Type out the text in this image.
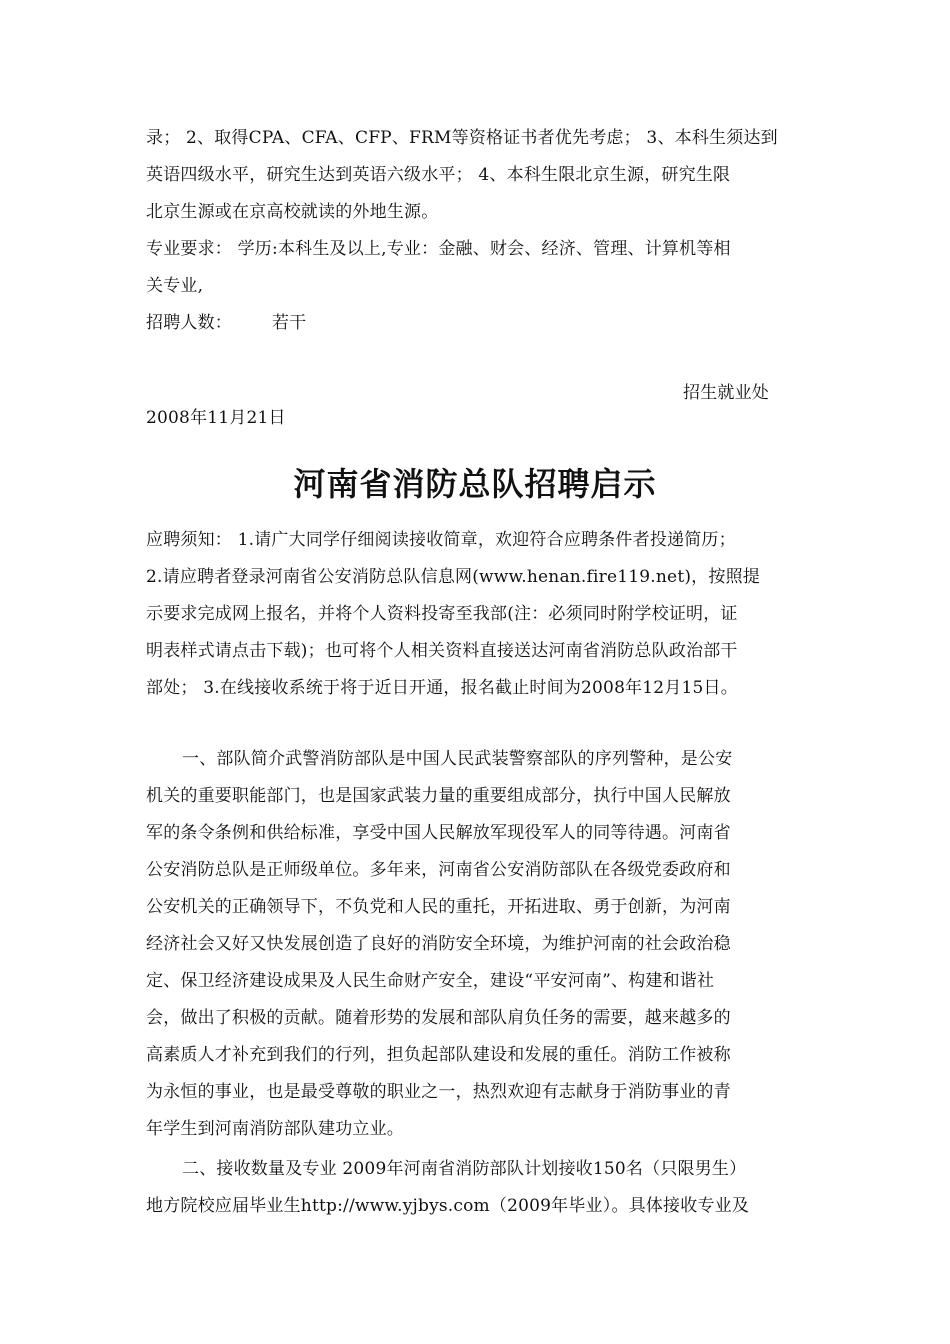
录； 2、取得CPA、CFA、CFP、FRM等资格证书者优先考虑； 3、本科生须达到
英语四级水平，研究生达到英语六级水平； 4、本科生限北京生源，研究生限
北京生源或在京高校就读的外地生源。
专业要求： 学历:本科生及以上,专业：金融、财会、经济、管理、计算机等相
关专业,
招聘人数： 若干
招生就业处
2008年11月21日
河南省消防总队招聘启示
应聘须知： 1.请广大同学仔细阅读接收简章，欢迎符合应聘条件者投递简历；
2.请应聘者登录河南省公安消防总队信息网(www.henan.fire119.net)，按照提
示要求完成网上报名，并将个人资料投寄至我部(注：必须同时附学校证明，证
明表样式请点击下载)；也可将个人相关资料直接送达河南省消防总队政治部干
部处； 3.在线接收系统于将于近日开通，报名截止时间为2008年12月15日。
一、部队简介武警消防部队是中国人民武装警察部队的序列警种，是公安
机关的重要职能部门，也是国家武装力量的重要组成部分，执行中国人民解放
军的条令条例和供给标准，享受中国人民解放军现役军人的同等待遇。河南省
公安消防总队是正师级单位。多年来，河南省公安消防部队在各级党委政府和
公安机关的正确领导下，不负党和人民的重托，开拓进取、勇于创新，为河南
经济社会又好又快发展创造了良好的消防安全环境，为维护河南的社会政治稳
定、保卫经济建设成果及人民生命财产安全，建设“平安河南”、构建和谐社
会，做出了积极的贡献。随着形势的发展和部队肩负任务的需要，越来越多的
高素质人才补充到我们的行列，担负起部队建设和发展的重任。消防工作被称
为永恒的事业，也是最受尊敬的职业之一，热烈欢迎有志献身于消防事业的青
年学生到河南消防部队建功立业。
二、接收数量及专业 2009年河南省消防部队计划接收150名（只限男生）
地方院校应届毕业生http://www.yjbys.com（2009年毕业）。具体接收专业及
